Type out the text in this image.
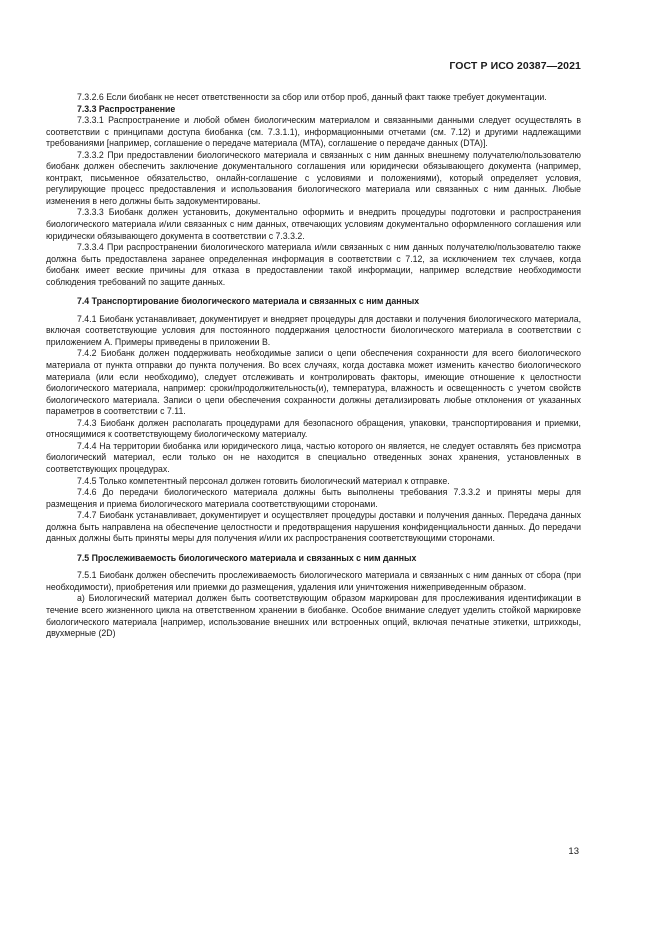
ГОСТ Р ИСО 20387—2021

7.3.2.6 Если биобанк не несет ответственности за сбор или отбор проб, данный факт также требует документации.

7.3.3 Распространение

7.3.3.1 Распространение и любой обмен биологическим материалом и связанными данными следует осуществлять в соответствии с принципами доступа биобанка (см. 7.3.1.1), информационными отчетами (см. 7.12) и другими надлежащими требованиями [например, соглашение о передаче материала (MTA), соглашение о передаче данных (DTA)].

7.3.3.2 При предоставлении биологического материала и связанных с ним данных внешнему получателю/пользователю биобанк должен обеспечить заключение документального соглашения или юридически обязывающего документа (например, контракт, письменное обязательство, онлайн-соглашение с условиями и положениями), который определяет условия, регулирующие процесс предоставления и использования биологического материала или связанных с ним данных. Любые изменения в него должны быть задокументированы.

7.3.3.3 Биобанк должен установить, документально оформить и внедрить процедуры подготовки и распространения биологического материала и/или связанных с ним данных, отвечающих условиям документально оформленного соглашения или юридически обязывающего документа в соответствии с 7.3.3.2.

7.3.3.4 При распространении биологического материала и/или связанных с ним данных получателю/пользователю также должна быть предоставлена заранее определенная информация в соответствии с 7.12, за исключением тех случаев, когда биобанк имеет веские причины для отказа в предоставлении такой информации, например вследствие необходимости соблюдения требований по защите данных.

7.4 Транспортирование биологического материала и связанных с ним данных

7.4.1 Биобанк устанавливает, документирует и внедряет процедуры для доставки и получения биологического материала, включая соответствующие условия для постоянного поддержания целостности биологического материала в соответствии с приложением А. Примеры приведены в приложении В.

7.4.2 Биобанк должен поддерживать необходимые записи о цепи обеспечения сохранности для всего биологического материала от пункта отправки до пункта получения. Во всех случаях, когда доставка может изменить качество биологического материала (или если необходимо), следует отслеживать и контролировать факторы, имеющие отношение к целостности биологического материала, например: сроки/продолжительность(и), температура, влажность и освещенность с учетом свойств биологического материала. Записи о цепи обеспечения сохранности должны детализировать любые отклонения от указанных параметров в соответствии с 7.11.

7.4.3 Биобанк должен располагать процедурами для безопасного обращения, упаковки, транспортирования и приемки, относящимися к соответствующему биологическому материалу.

7.4.4 На территории биобанка или юридического лица, частью которого он является, не следует оставлять без присмотра биологический материал, если только он не находится в специально отведенных зонах хранения, установленных в соответствующих процедурах.

7.4.5 Только компетентный персонал должен готовить биологический материал к отправке.

7.4.6 До передачи биологического материала должны быть выполнены требования 7.3.3.2 и приняты меры для размещения и приема биологического материала соответствующими сторонами.

7.4.7 Биобанк устанавливает, документирует и осуществляет процедуры доставки и получения данных. Передача данных должна быть направлена на обеспечение целостности и предотвращения нарушения конфиденциальности данных. До передачи данных должны быть приняты меры для получения и/или их распространения соответствующими сторонами.

7.5 Прослеживаемость биологического материала и связанных с ним данных

7.5.1 Биобанк должен обеспечить прослеживаемость биологического материала и связанных с ним данных от сбора (при необходимости), приобретения или приемки до размещения, удаления или уничтожения нижеприведенным образом.

а) Биологический материал должен быть соответствующим образом маркирован для прослеживания идентификации в течение всего жизненного цикла на ответственном хранении в биобанке. Особое внимание следует уделить стойкой маркировке биологического материала [например, использование внешних или встроенных опций, включая печатные этикетки, штрихкоды, двухмерные (2D)

13
